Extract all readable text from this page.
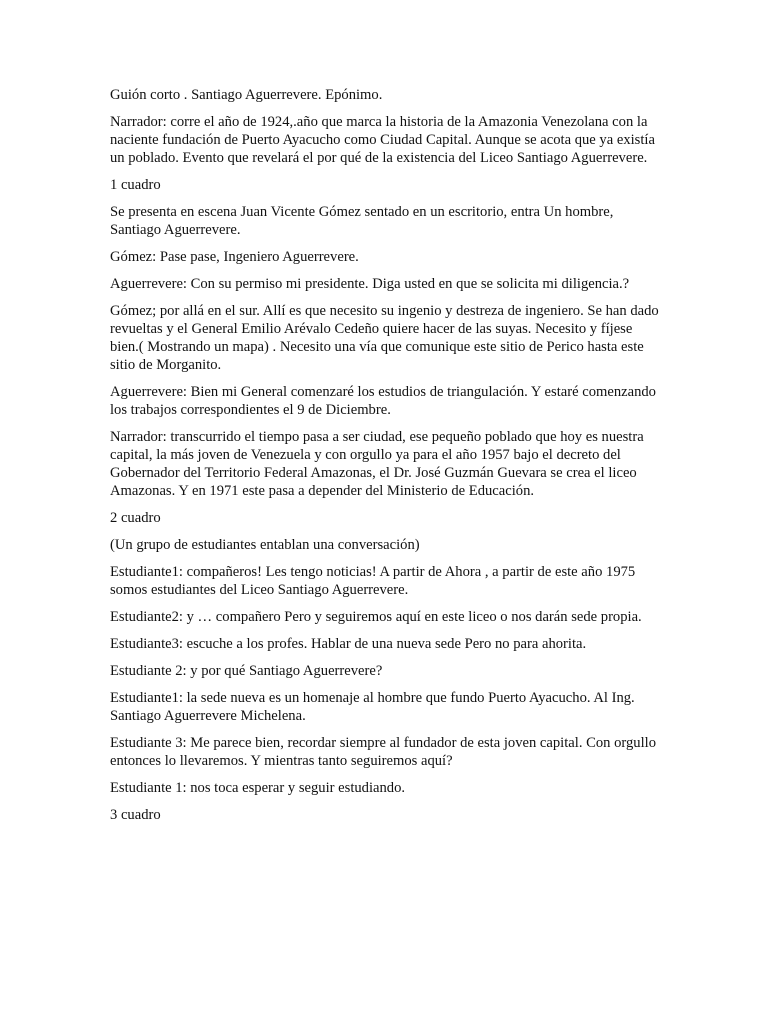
Guión corto . Santiago Aguerrevere. Epónimo.

Narrador: corre el año de 1924,.año que marca la historia de la Amazonia Venezolana con la naciente fundación de Puerto Ayacucho como Ciudad Capital. Aunque se acota que ya existía un poblado. Evento que revelará el por qué de la existencia del Liceo Santiago Aguerrevere.

1 cuadro

Se presenta en escena Juan Vicente Gómez sentado en un escritorio, entra Un hombre, Santiago Aguerrevere.

Gómez: Pase pase, Ingeniero Aguerrevere.

Aguerrevere: Con su permiso mi presidente. Diga usted en que se solicita mi diligencia.?

Gómez; por allá en el sur. Allí es que necesito su ingenio y destreza de ingeniero. Se han dado revueltas y el General Emilio Arévalo Cedeño quiere hacer de las suyas. Necesito y fíjese bien.( Mostrando un mapa) . Necesito una vía que comunique este sitio de Perico hasta este sitio de Morganito.

Aguerrevere: Bien mi General comenzaré los estudios de triangulación. Y estaré comenzando los trabajos correspondientes el 9 de Diciembre.

Narrador: transcurrido el tiempo pasa a ser ciudad, ese pequeño poblado que hoy es nuestra capital, la más joven de Venezuela y con orgullo ya para el año 1957 bajo el decreto del Gobernador del Territorio Federal Amazonas, el Dr. José Guzmán Guevara se crea el liceo Amazonas. Y en 1971 este pasa a depender del Ministerio de Educación.

2 cuadro

(Un grupo de estudiantes entablan una conversación)

Estudiante1: compañeros! Les tengo noticias! A partir de Ahora , a partir de este año 1975 somos estudiantes del Liceo Santiago Aguerrevere.

Estudiante2: y … compañero Pero y seguiremos aquí en este liceo o nos darán sede propia.

Estudiante3: escuche a los profes. Hablar de una nueva sede Pero no para ahorita.

Estudiante 2: y por qué Santiago Aguerrevere?

Estudiante1: la sede nueva es un homenaje al hombre que fundo Puerto Ayacucho. Al Ing. Santiago Aguerrevere Michelena.

Estudiante 3: Me parece bien, recordar siempre al fundador de esta joven capital. Con orgullo entonces lo llevaremos. Y mientras tanto seguiremos aquí?

Estudiante 1: nos toca esperar y seguir estudiando.

3 cuadro
